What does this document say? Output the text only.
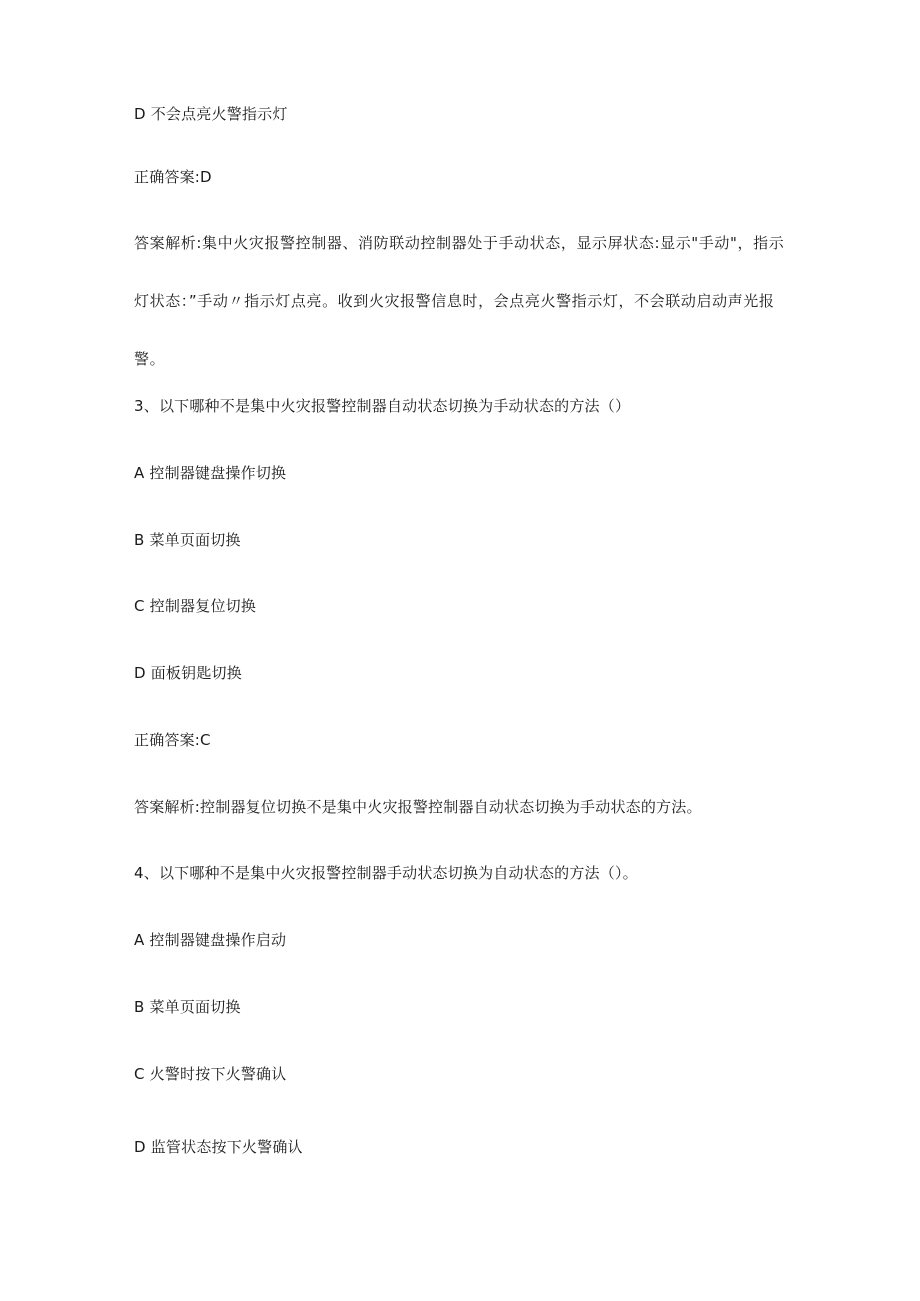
D 不会点亮火警指示灯
正确答案:D
答案解析:集中火灾报警控制器、消防联动控制器处于手动状态，显示屏状态:显示"手动"，指示灯状态：”手动〃指示灯点亮。收到火灾报警信息时，会点亮火警指示灯，不会联动启动声光报警。
3、以下哪种不是集中火灾报警控制器自动状态切换为手动状态的方法（）
A 控制器键盘操作切换
B 菜单页面切换
C 控制器复位切换
D 面板钥匙切换
正确答案:C
答案解析:控制器复位切换不是集中火灾报警控制器自动状态切换为手动状态的方法。
4、以下哪种不是集中火灾报警控制器手动状态切换为自动状态的方法（）。
A 控制器键盘操作启动
B 菜单页面切换
C 火警时按下火警确认
D 监管状态按下火警确认
